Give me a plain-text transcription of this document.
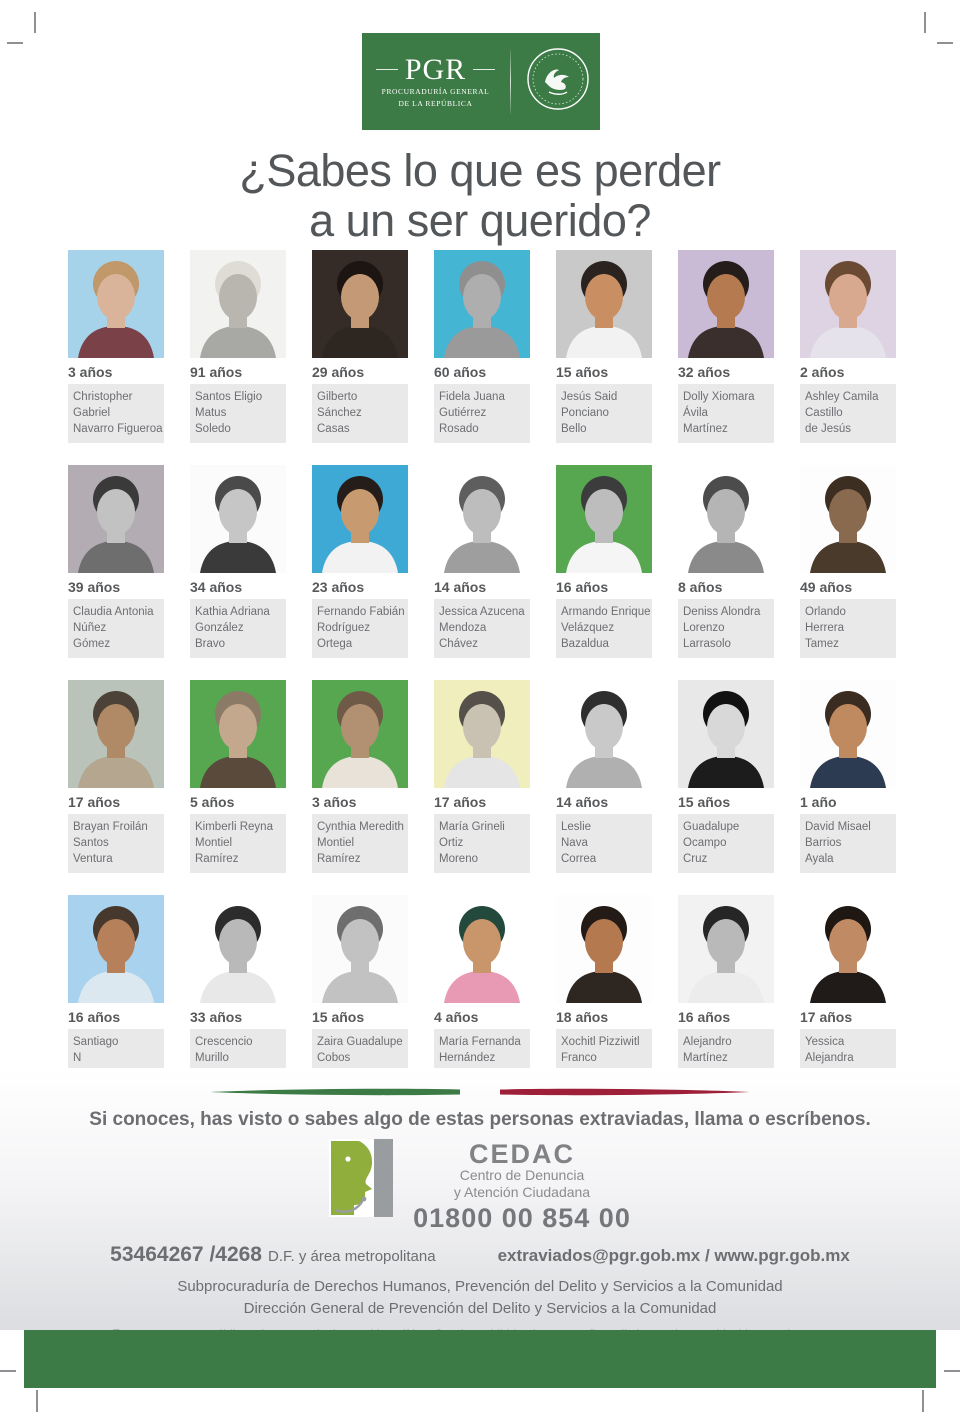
PGR
PROCURADURÍA GENERAL
DE LA REPÚBLICA
¿Sabes lo que es perder
a un ser querido?
3 años
Christopher
Gabriel
Navarro Figueroa
91 años
Santos Eligio
Matus
Soledo
29 años
Gilberto
Sánchez
Casas
60 años
Fidela Juana
Gutiérrez
Rosado
15 años
Jesús Said
Ponciano
Bello
32 años
Dolly Xiomara
Ávila
Martínez
2 años
Ashley Camila
Castillo
de Jesús
39 años
Claudia Antonia
Núñez
Gómez
34 años
Kathia Adriana
González
Bravo
23 años
Fernando Fabián
Rodríguez
Ortega
14 años
Jessica Azucena
Mendoza
Chávez
16 años
Armando Enrique
Velázquez
Bazaldua
8 años
Deniss Alondra
Lorenzo
Larrasolo
49 años
Orlando
Herrera
Tamez
17 años
Brayan Froilán
Santos
Ventura
5 años
Kimberli Reyna
Montiel
Ramírez
3 años
Cynthia Meredith
Montiel
Ramírez
17 años
María Grineli
Ortiz
Moreno
14 años
Leslie
Nava
Correa
15 años
Guadalupe
Ocampo
Cruz
1 año
David Misael
Barrios
Ayala
16 años
Santiago
N
33 años
Crescencio
Murillo
15 años
Zaira Guadalupe
Cobos
4 años
María Fernanda
Hernández
18 años
Xochitl Pizziwitl
Franco
16 años
Alejandro
Martínez
17 años
Yessica
Alejandra

Si conoces, has visto o sabes algo de estas personas extraviadas, llama o escríbenos.

CEDAC
Centro de Denuncia
y Atención Ciudadana
01800 00 854 00
53464267 /4268 D.F. y área metropolitana	extraviados@pgr.gob.mx / www.pgr.gob.mx

Subprocuraduría de Derechos Humanos, Prevención del Delito y Servicios a la Comunidad

Dirección General de Prevención del Delito y Servicios a la Comunidad
